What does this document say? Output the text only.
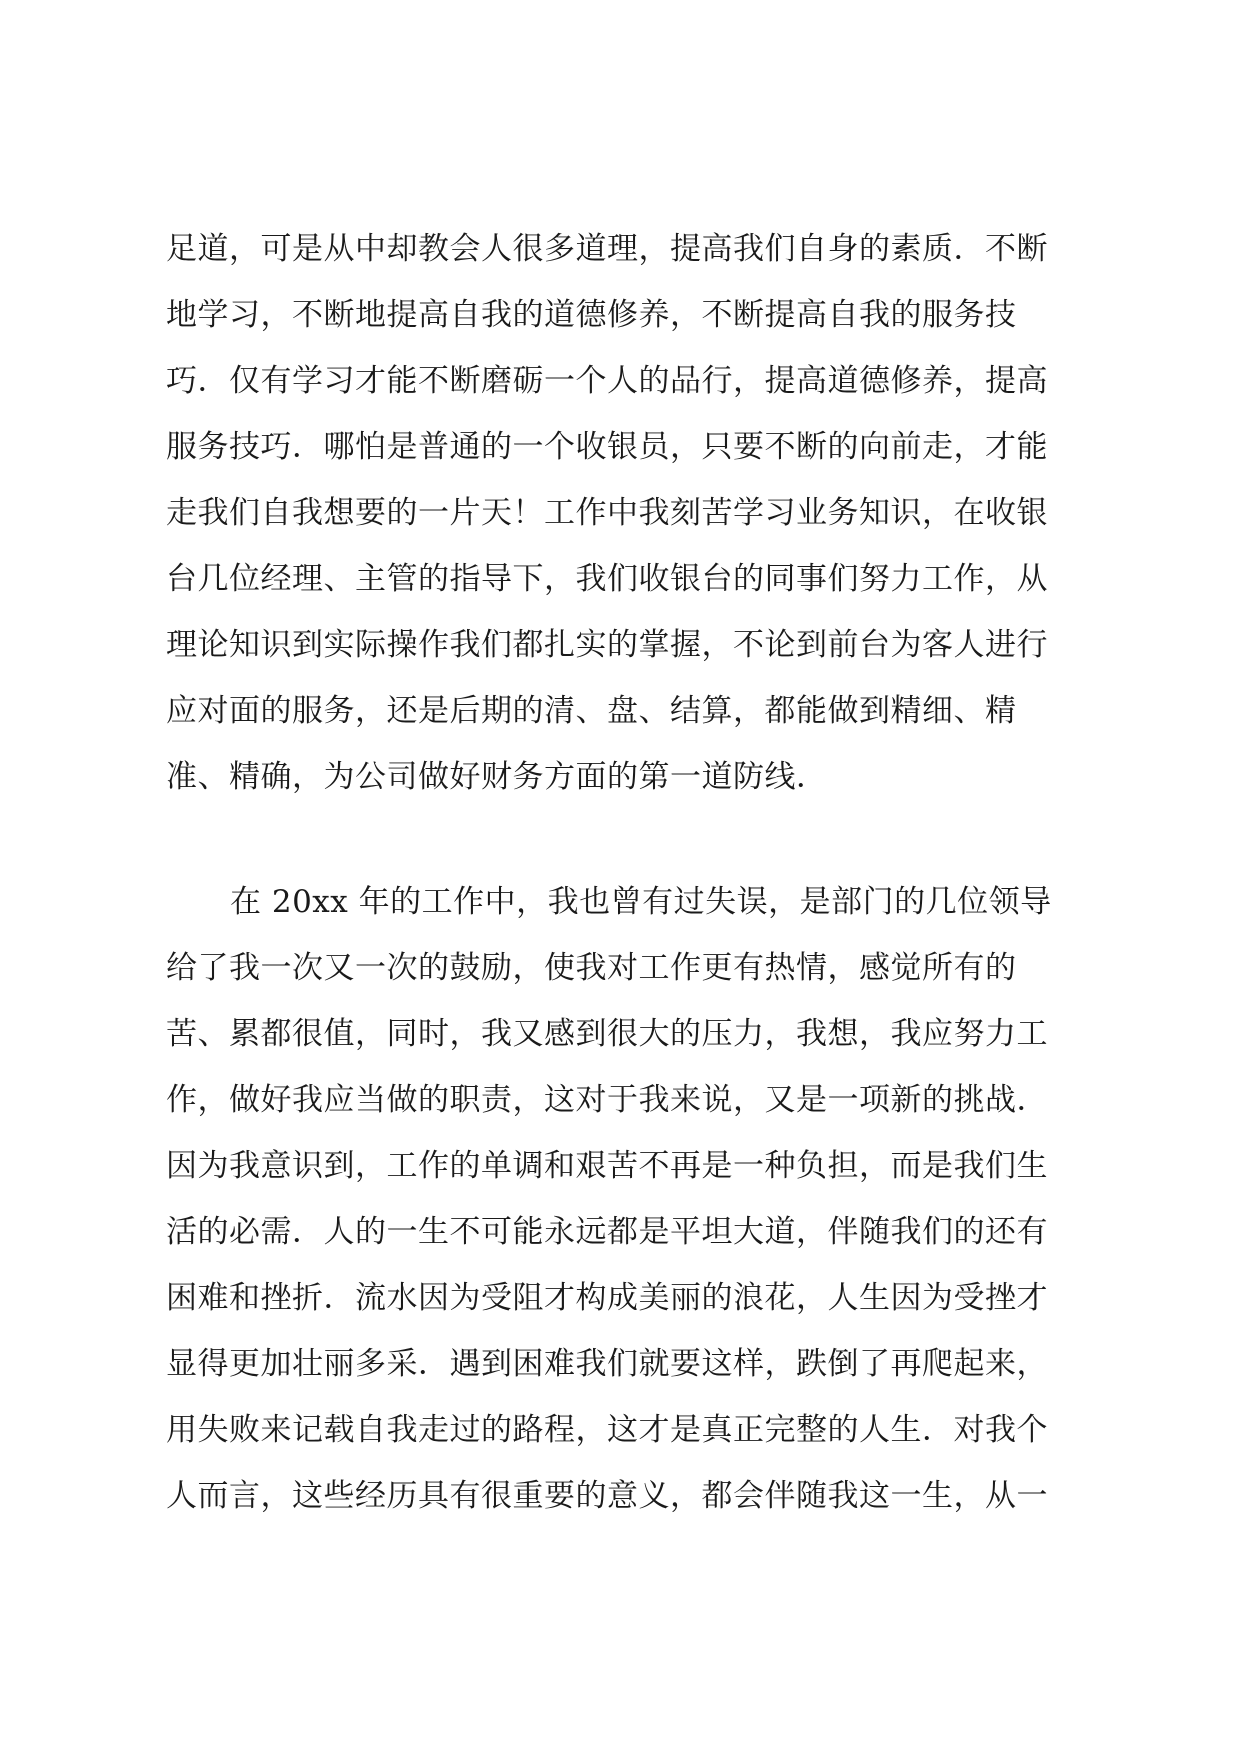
足道，可是从中却教会人很多道理，提高我们自身的素质．不断
地学习，不断地提高自我的道德修养，不断提高自我的服务技
巧．仅有学习才能不断磨砺一个人的品行，提高道德修养，提高
服务技巧．哪怕是普通的一个收银员，只要不断的向前走，才能
走我们自我想要的一片天！工作中我刻苦学习业务知识，在收银
台几位经理、主管的指导下，我们收银台的同事们努力工作，从
理论知识到实际操作我们都扎实的掌握，不论到前台为客人进行
应对面的服务，还是后期的清、盘、结算，都能做到精细、精
准、精确，为公司做好财务方面的第一道防线．
在 20xx 年的工作中，我也曾有过失误，是部门的几位领导
给了我一次又一次的鼓励，使我对工作更有热情，感觉所有的
苦、累都很值，同时，我又感到很大的压力，我想，我应努力工
作，做好我应当做的职责，这对于我来说，又是一项新的挑战．
因为我意识到，工作的单调和艰苦不再是一种负担，而是我们生
活的必需．人的一生不可能永远都是平坦大道，伴随我们的还有
困难和挫折．流水因为受阻才构成美丽的浪花，人生因为受挫才
显得更加壮丽多采．遇到困难我们就要这样，跌倒了再爬起来，
用失败来记载自我走过的路程，这才是真正完整的人生．对我个
人而言，这些经历具有很重要的意义，都会伴随我这一生，从一
